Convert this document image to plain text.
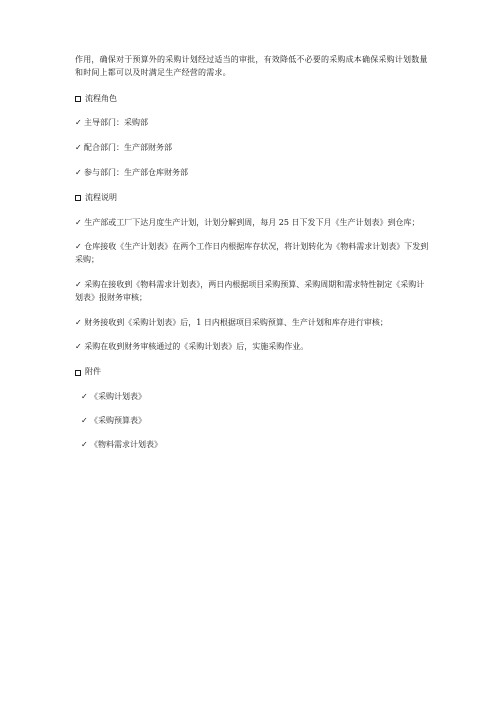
作用，确保对于预算外的采购计划经过适当的审批，有效降低不必要的采购成本确保采购计划数量和时间上都可以及时满足生产经营的需求。

流程角色
✓ 主导部门：采购部
✓ 配合部门：生产部财务部
✓ 参与部门：生产部仓库财务部
流程说明

✓ 生产部或工厂下达月度生产计划，计划分解到周，每月 25 日下发下月《生产计划表》到仓库；

✓ 仓库接收《生产计划表》在两个工作日内根据库存状况，将计划转化为《物料需求计划表》下发到采购；

✓ 采购在接收到《物料需求计划表》，两日内根据项目采购预算、采购周期和需求特性制定《采购计划表》报财务审核；

✓ 财务接收到《采购计划表》后，1 日内根据项目采购预算、生产计划和库存进行审核；

✓ 采购在收到财务审核通过的《采购计划表》后，实施采购作业。

附件
✓ 《采购计划表》
✓ 《采购预算表》
✓ 《物料需求计划表》
